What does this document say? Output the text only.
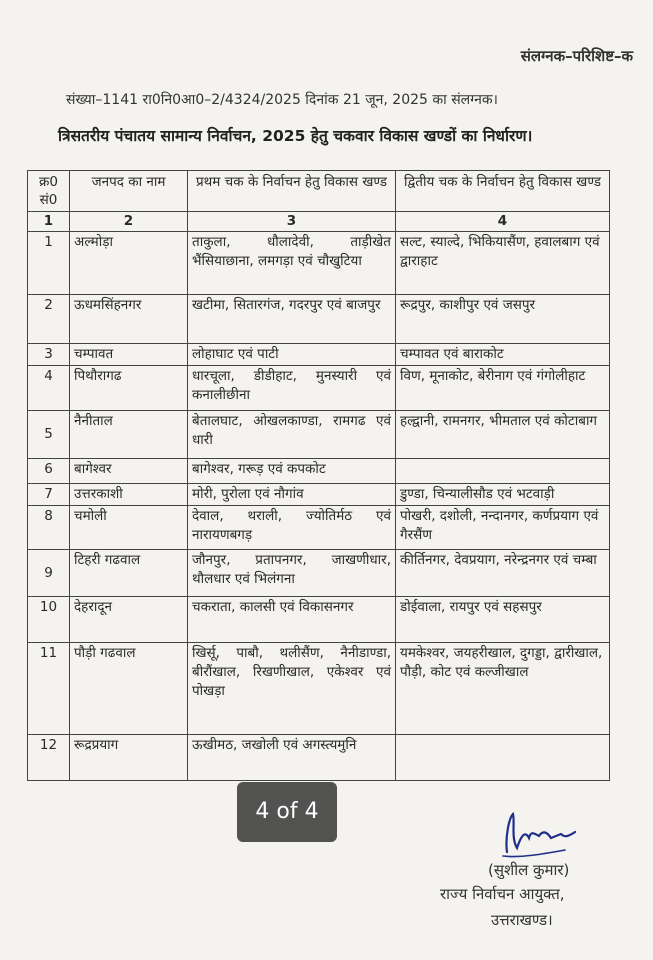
संलग्नक–परिशिष्ट–क
संख्या–1141 रा0नि0आ0–2/4324/2025 दिनांक 21 जून, 2025 का संलग्नक।
त्रिसतरीय पंचातय सामान्य निर्वाचन, 2025 हेतु चकवार विकास खण्डों का निर्धारण।
क्र0 सं0	जनपद का नाम	प्रथम चक के निर्वाचन हेतु विकास खण्ड	द्वितीय चक के निर्वाचन हेतु विकास खण्ड
1	2	3	4
1	अल्मोड़ा	ताकुला, धौलादेवी, ताड़ीखेत भैंसियाछाना, लमगड़ा एवं चौखुटिया	सल्ट, स्याल्दे, भिकियासैंण, हवालबाग एवं द्वाराहाट
2	ऊधमसिंहनगर	खटीमा, सितारगंज, गदरपुर एवं बाजपुर	रूद्रपुर, काशीपुर एवं जसपुर
3	चम्पावत	लोहाघाट एवं पाटी	चम्पावत एवं बाराकोट
4	पिथौरागढ	धारचूला, डीडीहाट, मुनस्यारी एवं कनालीछीना	विण, मूनाकोट, बेरीनाग एवं गंगोलीहाट
5	नैनीताल	बेतालघाट, ओखलकाण्डा, रामगढ एवं धारी	हल्द्वानी, रामनगर, भीमताल एवं कोटाबाग
6	बागेश्वर	बागेश्वर, गरूड़ एवं कपकोट	
7	उत्तरकाशी	मोरी, पुरोला एवं नौगांव	डुण्डा, चिन्यालीसौड एवं भटवाड़ी
8	चमोली	देवाल, थराली, ज्योतिर्मठ एवं नारायणबगड़	पोखरी, दशोली, नन्दानगर, कर्णप्रयाग एवं गैरसैंण
9	टिहरी गढवाल	जौनपुर, प्रतापनगर, जाखणीधार, थौलधार एवं भिलंगना	कीर्तिनगर, देवप्रयाग, नरेन्द्रनगर एवं चम्बा
10	देहरादून	चकराता, कालसी एवं विकासनगर	डोईवाला, रायपुर एवं सहसपुर
11	पौड़ी गढवाल	खिर्सू, पाबौ, थलीसैंण, नैनीडाण्डा, बीरौंखाल, रिखणीखाल, एकेश्वर एवं पोखड़ा	यमकेश्वर, जयहरीखाल, दुगड्डा, द्वारीखाल, पौड़ी, कोट एवं कल्जीखाल
12	रूद्रप्रयाग	ऊखीमठ, जखोली एवं अगस्त्यमुनि	
4 of 4
(सुशील कुमार)
राज्य निर्वाचन आयुक्त,
उत्तराखण्ड।
